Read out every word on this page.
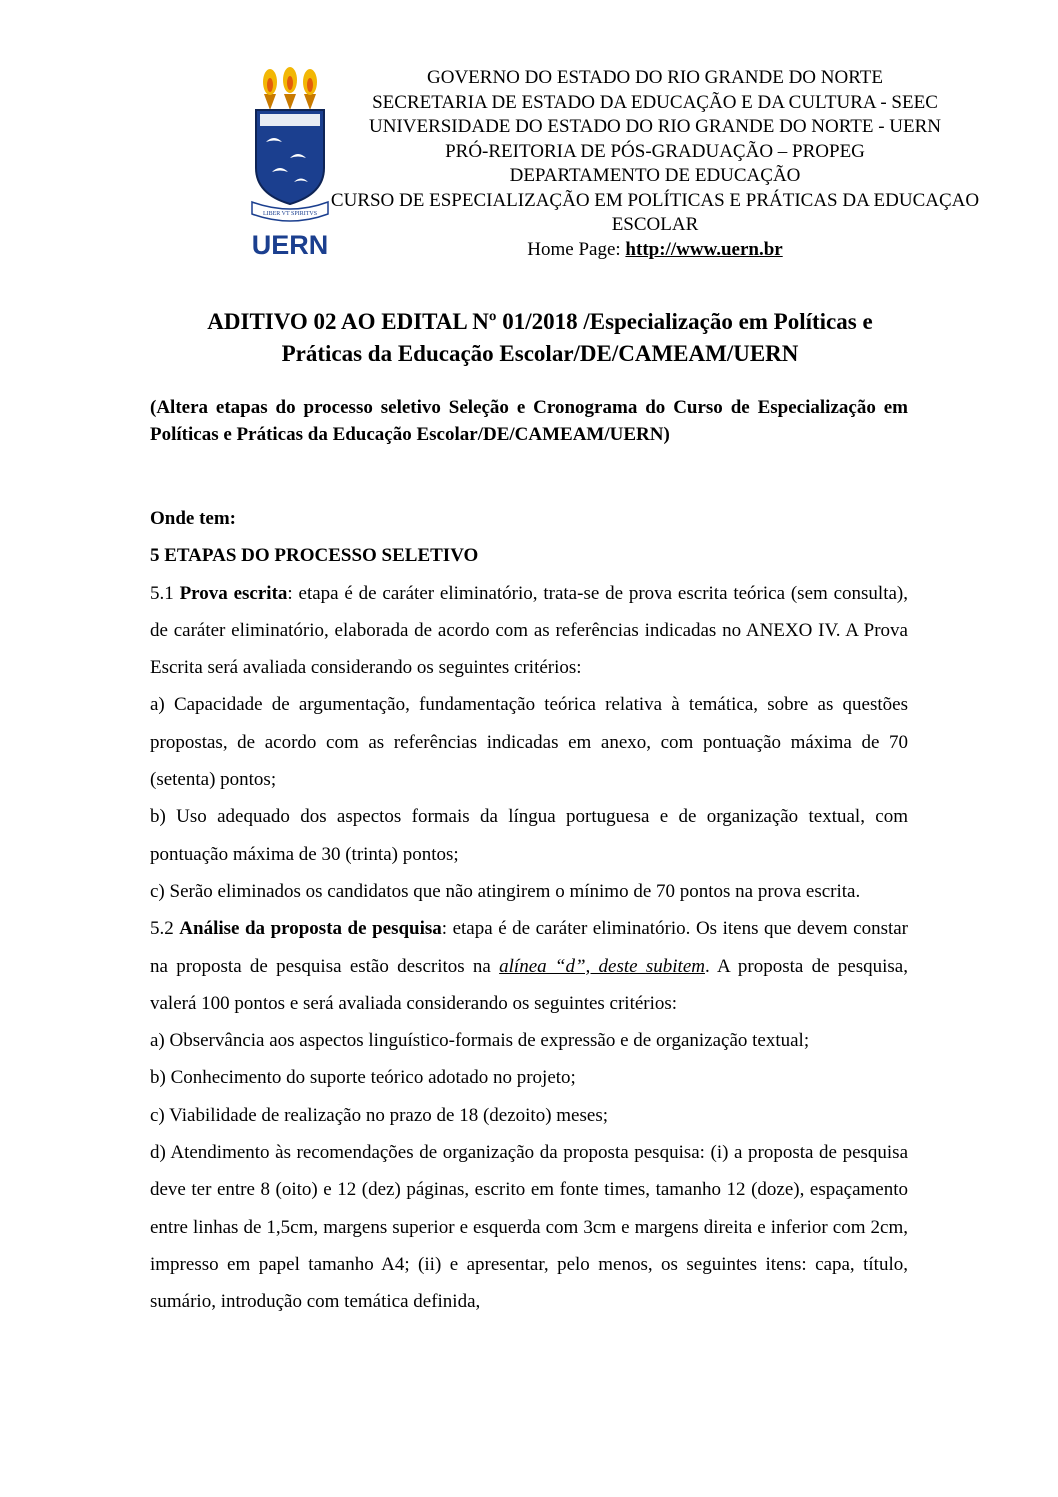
LIBER VT SPIRITVS
UERN
GOVERNO DO ESTADO DO RIO GRANDE DO NORTE
SECRETARIA DE ESTADO DA EDUCAÇÃO E DA CULTURA - SEEC
UNIVERSIDADE DO ESTADO DO RIO GRANDE DO NORTE - UERN
PRÓ-REITORIA DE PÓS-GRADUAÇÃO – PROPEG
DEPARTAMENTO DE EDUCAÇÃO
CURSO DE ESPECIALIZAÇÃO EM POLÍTICAS E PRÁTICAS DA EDUCAÇAO
ESCOLAR
Home Page: http://www.uern.br
ADITIVO 02 AO EDITAL Nº 01/2018 /Especialização em Políticas e
Práticas da Educação Escolar/DE/CAMEAM/UERN
(Altera etapas do processo seletivo Seleção e Cronograma do Curso de Especialização em Políticas e Práticas da Educação Escolar/DE/CAMEAM/UERN)

Onde tem:

5 ETAPAS DO PROCESSO SELETIVO

5.1 Prova escrita: etapa é de caráter eliminatório, trata-se de prova escrita teórica (sem consulta), de caráter eliminatório, elaborada de acordo com as referências indicadas no ANEXO IV. A Prova Escrita será avaliada considerando os seguintes critérios:

a) Capacidade de argumentação, fundamentação teórica relativa à temática, sobre as questões propostas, de acordo com as referências indicadas em anexo, com pontuação máxima de 70 (setenta) pontos;

b) Uso adequado dos aspectos formais da língua portuguesa e de organização textual, com pontuação máxima de 30 (trinta) pontos;

c) Serão eliminados os candidatos que não atingirem o mínimo de 70 pontos na prova escrita.

5.2 Análise da proposta de pesquisa: etapa é de caráter eliminatório. Os itens que devem constar na proposta de pesquisa estão descritos na alínea “d”, deste subitem. A proposta de pesquisa, valerá 100 pontos e será avaliada considerando os seguintes critérios:

a) Observância aos aspectos linguístico-formais de expressão e de organização textual;

b) Conhecimento do suporte teórico adotado no projeto;

c) Viabilidade de realização no prazo de 18 (dezoito) meses;

d) Atendimento às recomendações de organização da proposta pesquisa: (i) a proposta de pesquisa deve ter entre 8 (oito) e 12 (dez) páginas, escrito em fonte times, tamanho 12 (doze), espaçamento entre linhas de 1,5cm, margens superior e esquerda com 3cm e margens direita e inferior com 2cm, impresso em papel tamanho A4; (ii) e apresentar, pelo menos, os seguintes itens: capa, título, sumário, introdução com temática definida,
